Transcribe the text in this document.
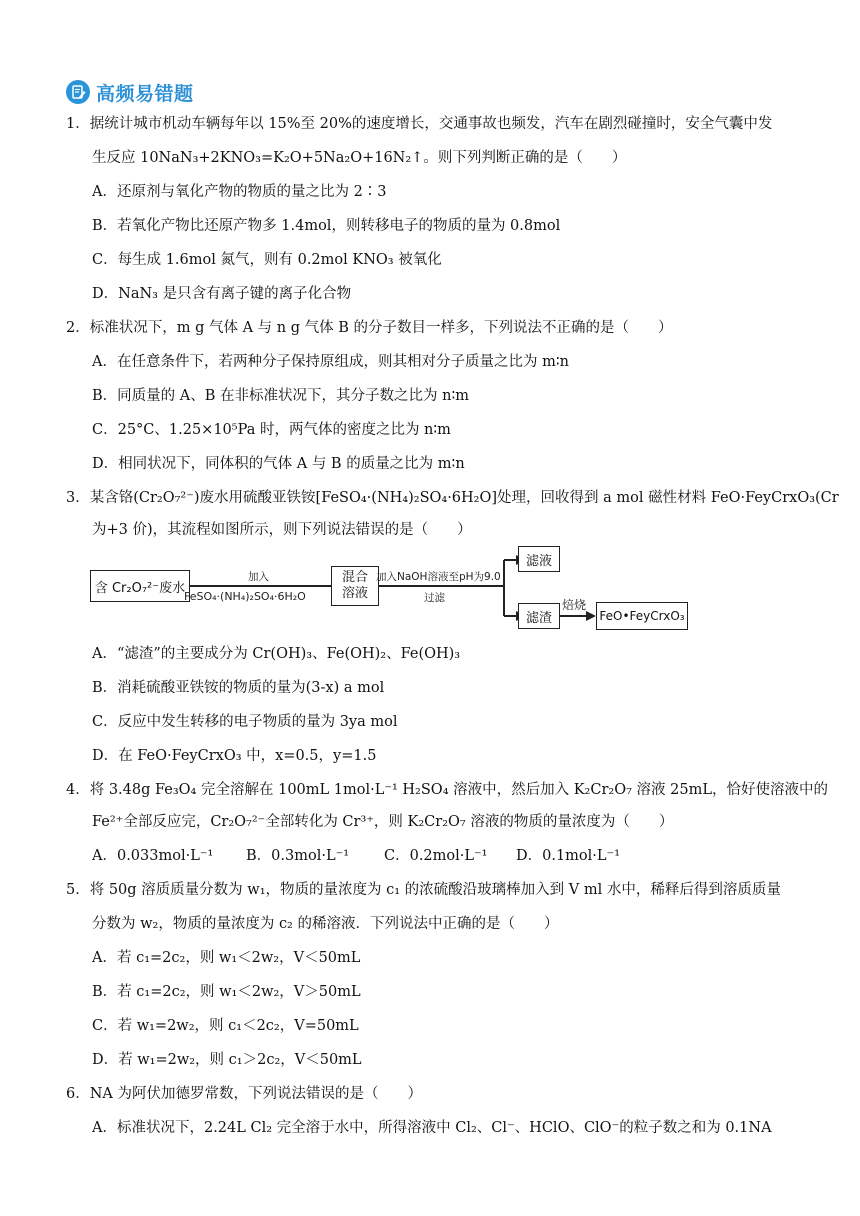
高频易错题
1．据统计城市机动车辆每年以 15%至 20%的速度增长，交通事故也频发，汽车在剧烈碰撞时，安全气囊中发
生反应 10NaN₃+2KNO₃=K₂O+5Na₂O+16N₂↑。则下列判断正确的是（　　）
A．还原剂与氧化产物的物质的量之比为 2∶3
B．若氧化产物比还原产物多 1.4mol，则转移电子的物质的量为 0.8mol
C．每生成 1.6mol 氮气，则有 0.2mol KNO₃ 被氧化
D．NaN₃ 是只含有离子键的离子化合物
2．标准状况下，m g 气体 A 与 n g 气体 B 的分子数目一样多，下列说法不正确的是（　　）
A．在任意条件下，若两种分子保持原组成，则其相对分子质量之比为 m∶n
B．同质量的 A、B 在非标准状况下，其分子数之比为 n∶m
C．25°C、1.25×10⁵Pa 时，两气体的密度之比为 n∶m
D．相同状况下，同体积的气体 A 与 B 的质量之比为 m∶n
3．某含铬(Cr₂O₇²⁻)废水用硫酸亚铁铵[FeSO₄·(NH₄)₂SO₄·6H₂O]处理，回收得到 a mol 磁性材料 FeO·FeyCrxO₃(Cr
为+3 价)，其流程如图所示，则下列说法错误的是（　　）
含 Cr₂O₇²⁻废水
加入
FeSO₄·(NH₄)₂SO₄·6H₂O
混合
溶液
加入NaOH溶液至pH为9.0
过滤
滤液
滤渣
焙烧
FeO•FeyCrxO₃
A．“滤渣”的主要成分为 Cr(OH)₃、Fe(OH)₂、Fe(OH)₃
B．消耗硫酸亚铁铵的物质的量为(3-x) a mol
C．反应中发生转移的电子物质的量为 3ya mol
D．在 FeO·FeyCrxO₃ 中，x=0.5，y=1.5
4．将 3.48g Fe₃O₄ 完全溶解在 100mL 1mol·L⁻¹ H₂SO₄ 溶液中，然后加入 K₂Cr₂O₇ 溶液 25mL，恰好使溶液中的
Fe²⁺全部反应完，Cr₂O₇²⁻全部转化为 Cr³⁺，则 K₂Cr₂O₇ 溶液的物质的量浓度为（　　）
A．0.033mol·L⁻¹ B．0.3mol·L⁻¹ C．0.2mol·L⁻¹ D．0.1mol·L⁻¹
5．将 50g 溶质质量分数为 w₁，物质的量浓度为 c₁ 的浓硫酸沿玻璃棒加入到 V ml 水中，稀释后得到溶质质量
分数为 w₂，物质的量浓度为 c₂ 的稀溶液．下列说法中正确的是（　　）
A．若 c₁=2c₂，则 w₁＜2w₂，V＜50mL
B．若 c₁=2c₂，则 w₁＜2w₂，V＞50mL
C．若 w₁=2w₂，则 c₁＜2c₂，V=50mL
D．若 w₁=2w₂，则 c₁＞2c₂，V＜50mL
6．NA 为阿伏加德罗常数，下列说法错误的是（　　）
A．标准状况下，2.24L Cl₂ 完全溶于水中，所得溶液中 Cl₂、Cl⁻、HClO、ClO⁻的粒子数之和为 0.1NA
